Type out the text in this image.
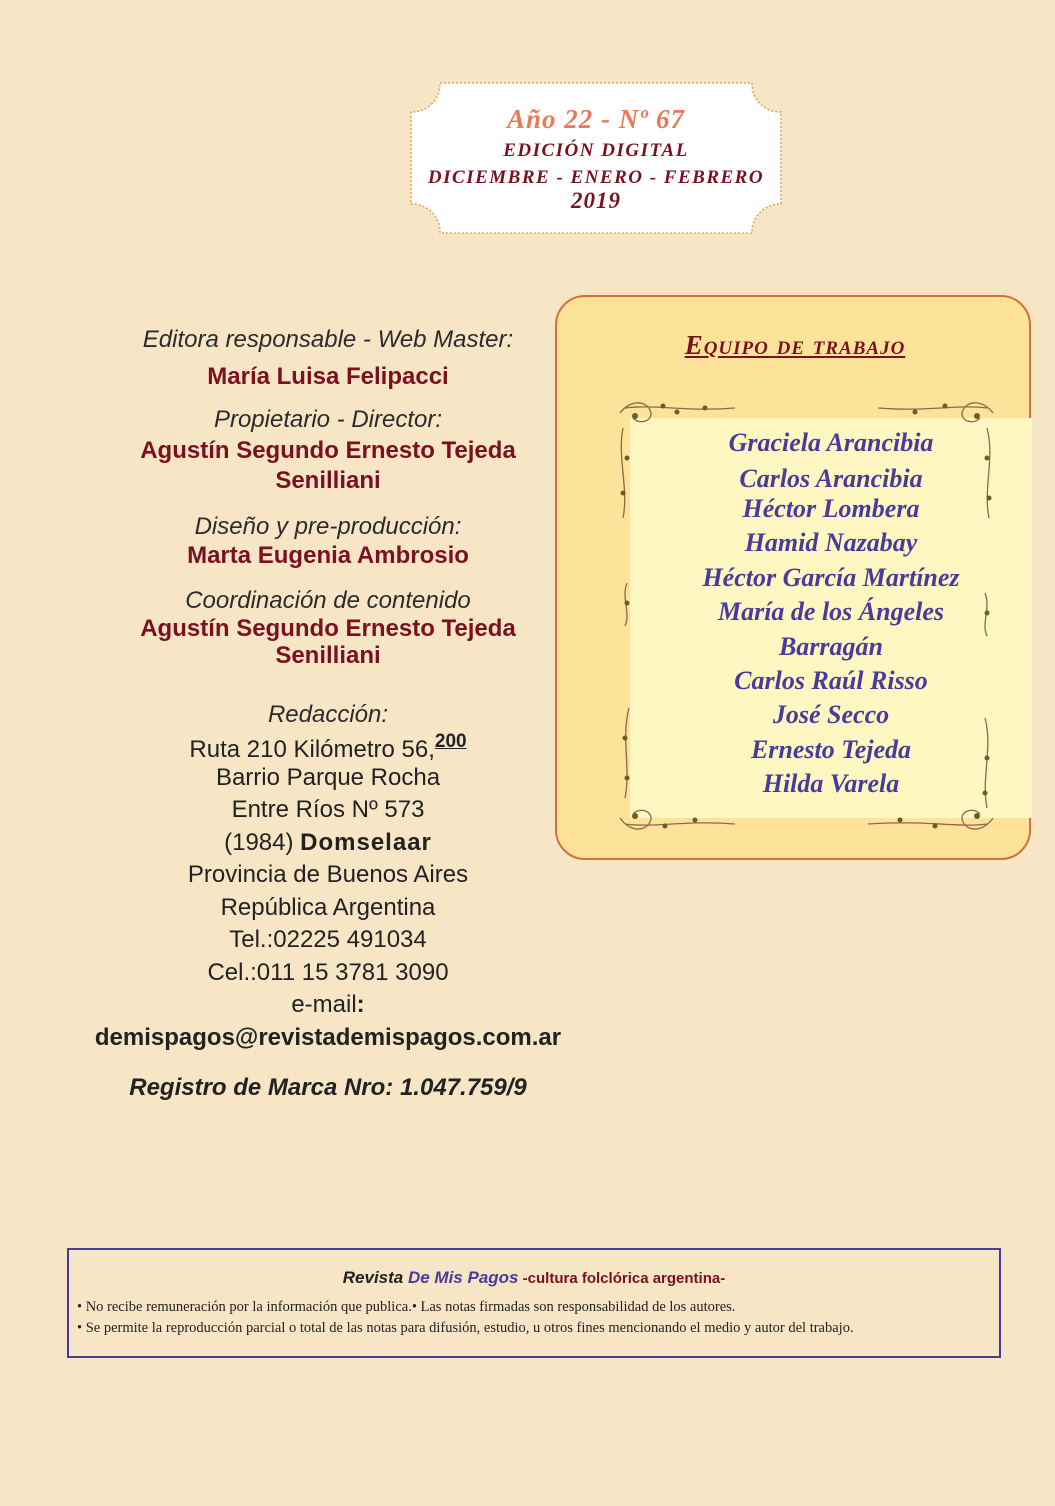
Año 22 - Nº 67
EDICIÓN DIGITAL
DICIEMBRE - ENERO - FEBRERO
2019
Editora responsable - Web Master:
María Luisa Felipacci
Propietario - Director:
Agustín Segundo Ernesto Tejeda
Senilliani
Diseño y pre-producción:
Marta Eugenia Ambrosio
Coordinación de contenido
Agustín Segundo Ernesto Tejeda
Senilliani
Redacción:
Ruta 210 Kilómetro 56,$^{200}$
Barrio Parque Rocha
Entre Ríos Nº 573
(1984) Domselaar
Provincia de Buenos Aires
República Argentina
Tel.:02225 491034
Cel.:011 15 3781 3090
e-mail:
demispagos@revistademispagos.com.ar
Registro de Marca Nro: 1.047.759/9
Equipo de trabajo
Graciela Arancibia
Carlos Arancibia
Héctor Lombera
Hamid Nazabay
Héctor García Martínez
María de los Ángeles
Barragán
Carlos Raúl Risso
José Secco
Ernesto Tejeda
Hilda Varela
Revista De Mis Pagos -cultura folclórica argentina-
• No recibe remuneración por la información que publica.• Las notas firmadas son responsabilidad de los autores.
• Se permite la reproducción parcial o total de las notas para difusión, estudio, u otros fines mencionando el medio y autor del trabajo.
